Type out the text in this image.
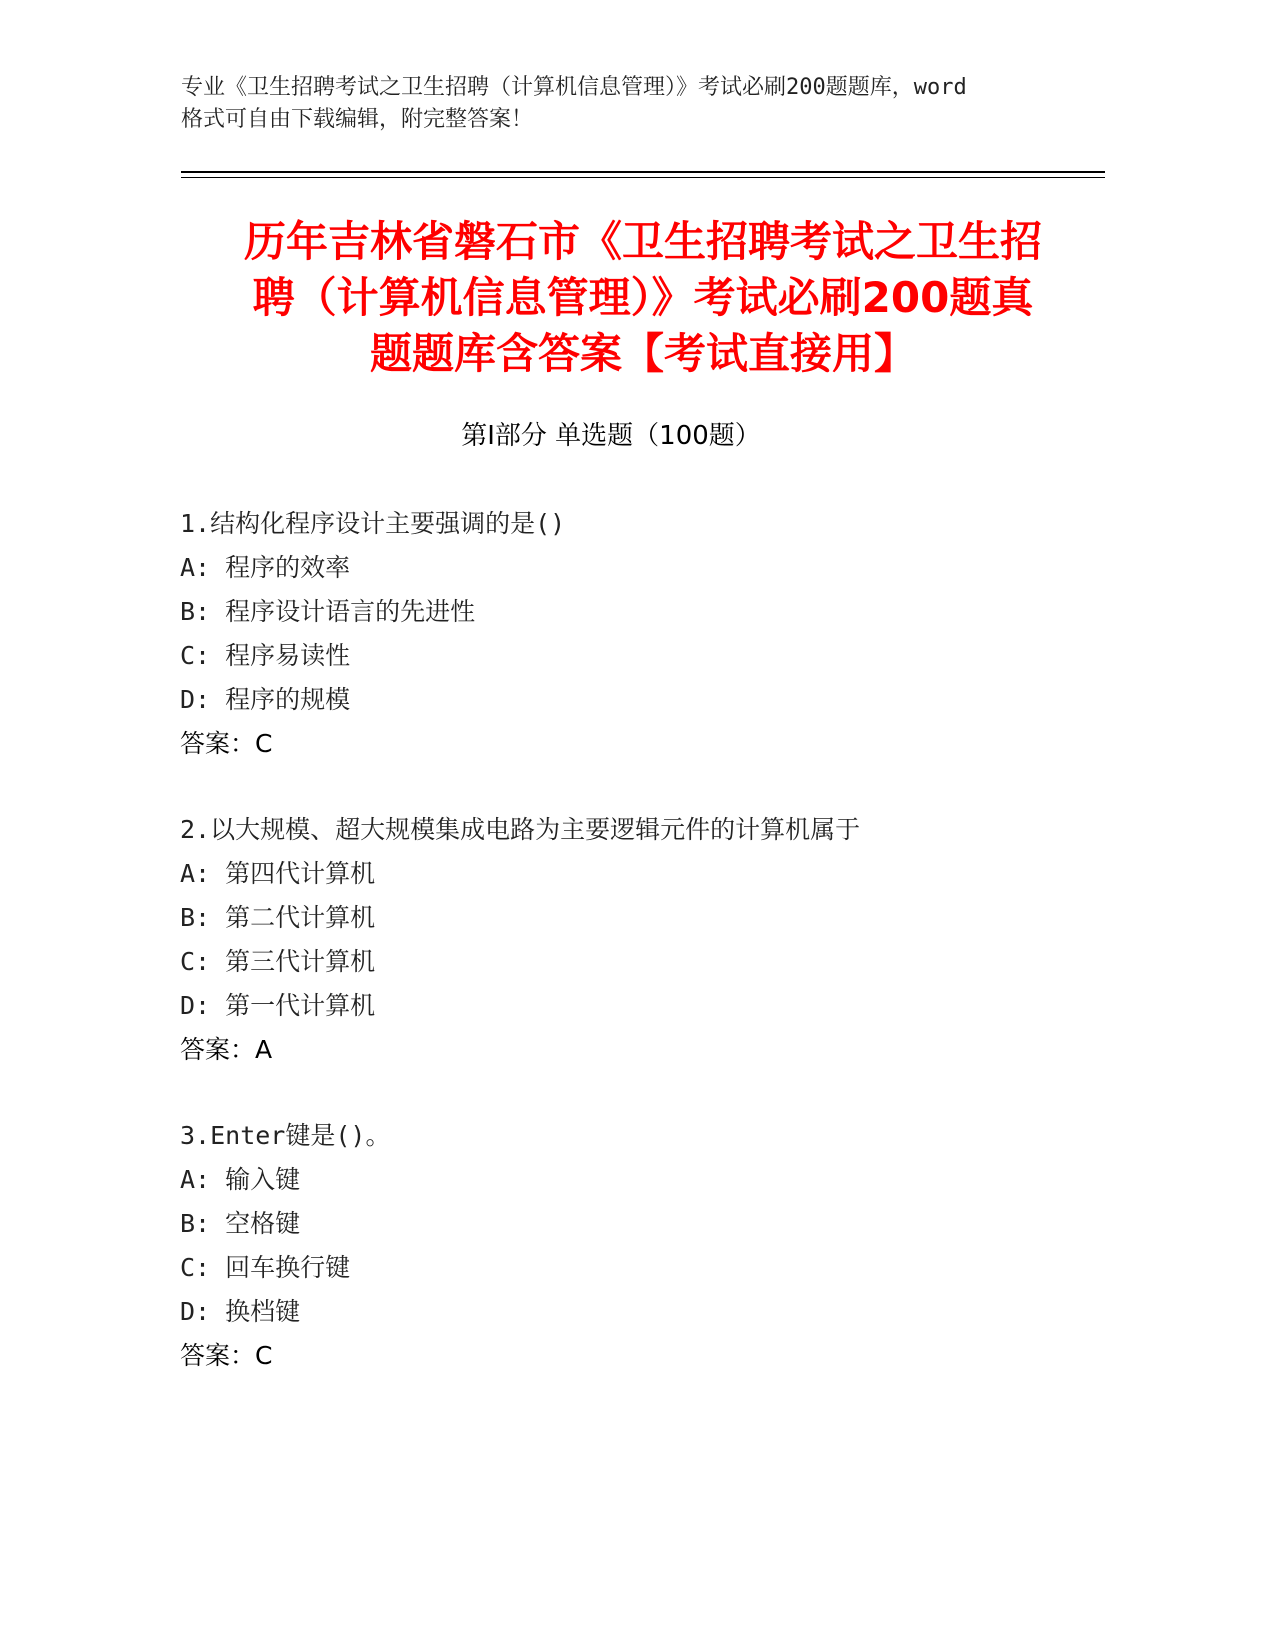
专业《卫生招聘考试之卫生招聘（计算机信息管理）》考试必刷200题题库，word
格式可自由下载编辑，附完整答案！
历年吉林省磐石市《卫生招聘考试之卫生招
聘（计算机信息管理）》考试必刷200题真
题题库含答案【考试直接用】
第Ⅰ部分 单选题（100题）
1.结构化程序设计主要强调的是()
A: 程序的效率
B: 程序设计语言的先进性
C: 程序易读性
D: 程序的规模
答案：C
2.以大规模、超大规模集成电路为主要逻辑元件的计算机属于
A: 第四代计算机
B: 第二代计算机
C: 第三代计算机
D: 第一代计算机
答案：A
3.Enter键是()。
A: 输入键
B: 空格键
C: 回车换行键
D: 换档键
答案：C
